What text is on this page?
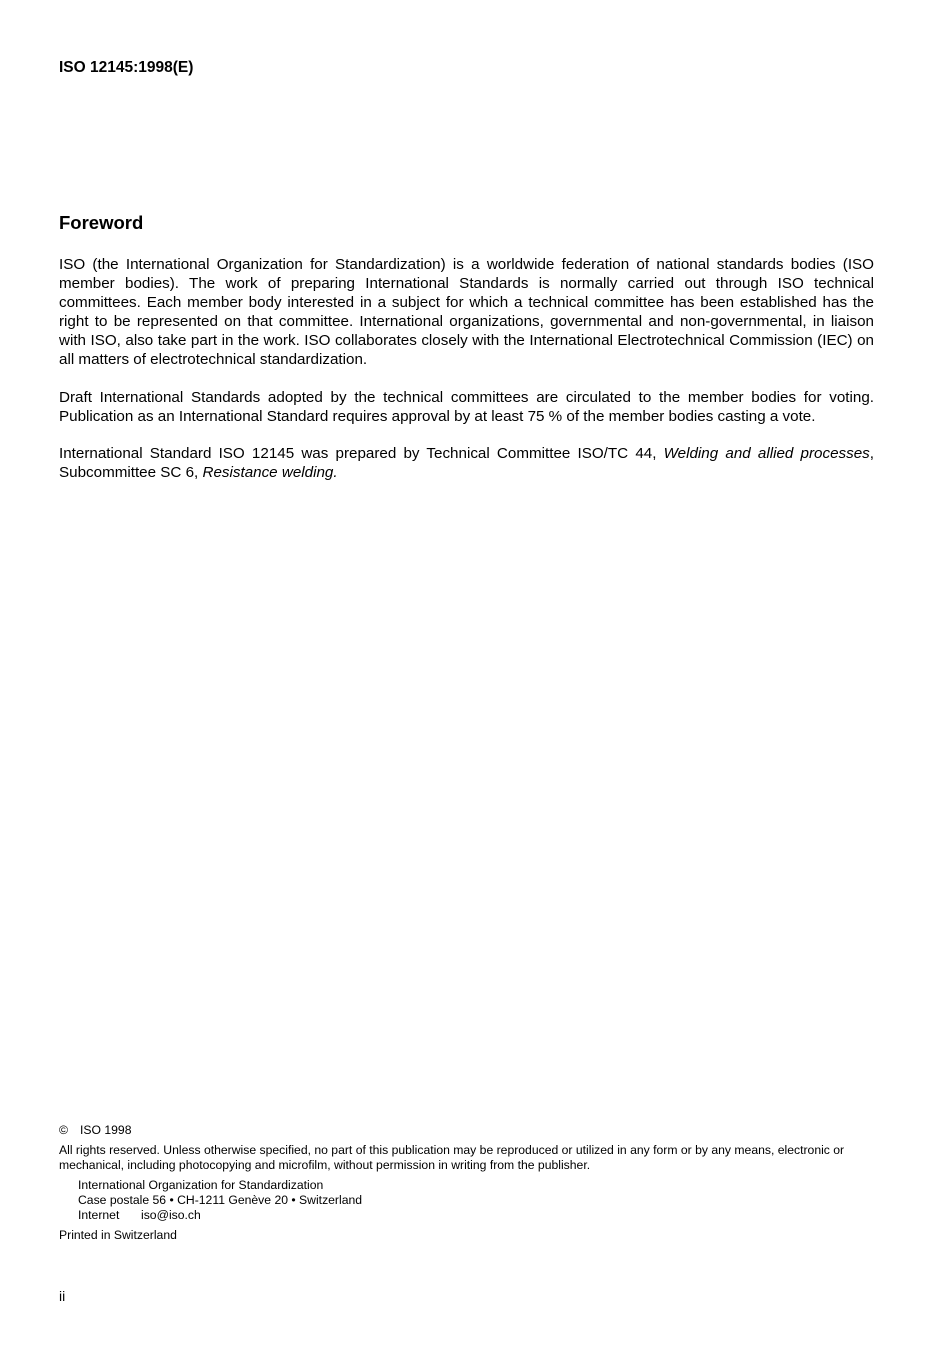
ISO 12145:1998(E)

Foreword

ISO (the International Organization for Standardization) is a worldwide federation of national standards bodies (ISO member bodies). The work of preparing International Standards is normally carried out through ISO technical committees. Each member body interested in a subject for which a technical committee has been established has the right to be represented on that committee. International organizations, governmental and non-governmental, in liaison with ISO, also take part in the work. ISO collaborates closely with the International Electrotechnical Commission (IEC) on all matters of electrotechnical standardization.

Draft International Standards adopted by the technical committees are circulated to the member bodies for voting. Publication as an International Standard requires approval by at least 75 % of the member bodies casting a vote.

International Standard ISO 12145 was prepared by Technical Committee ISO/TC 44, Welding and allied processes, Subcommittee SC 6, Resistance welding.

© ISO 1998

All rights reserved. Unless otherwise specified, no part of this publication may be reproduced or utilized in any form or by any means, electronic or mechanical, including photocopying and microfilm, without permission in writing from the publisher.

International Organization for Standardization
Case postale 56 • CH-1211 Genève 20 • Switzerland
Internet iso@iso.ch

Printed in Switzerland

ii
